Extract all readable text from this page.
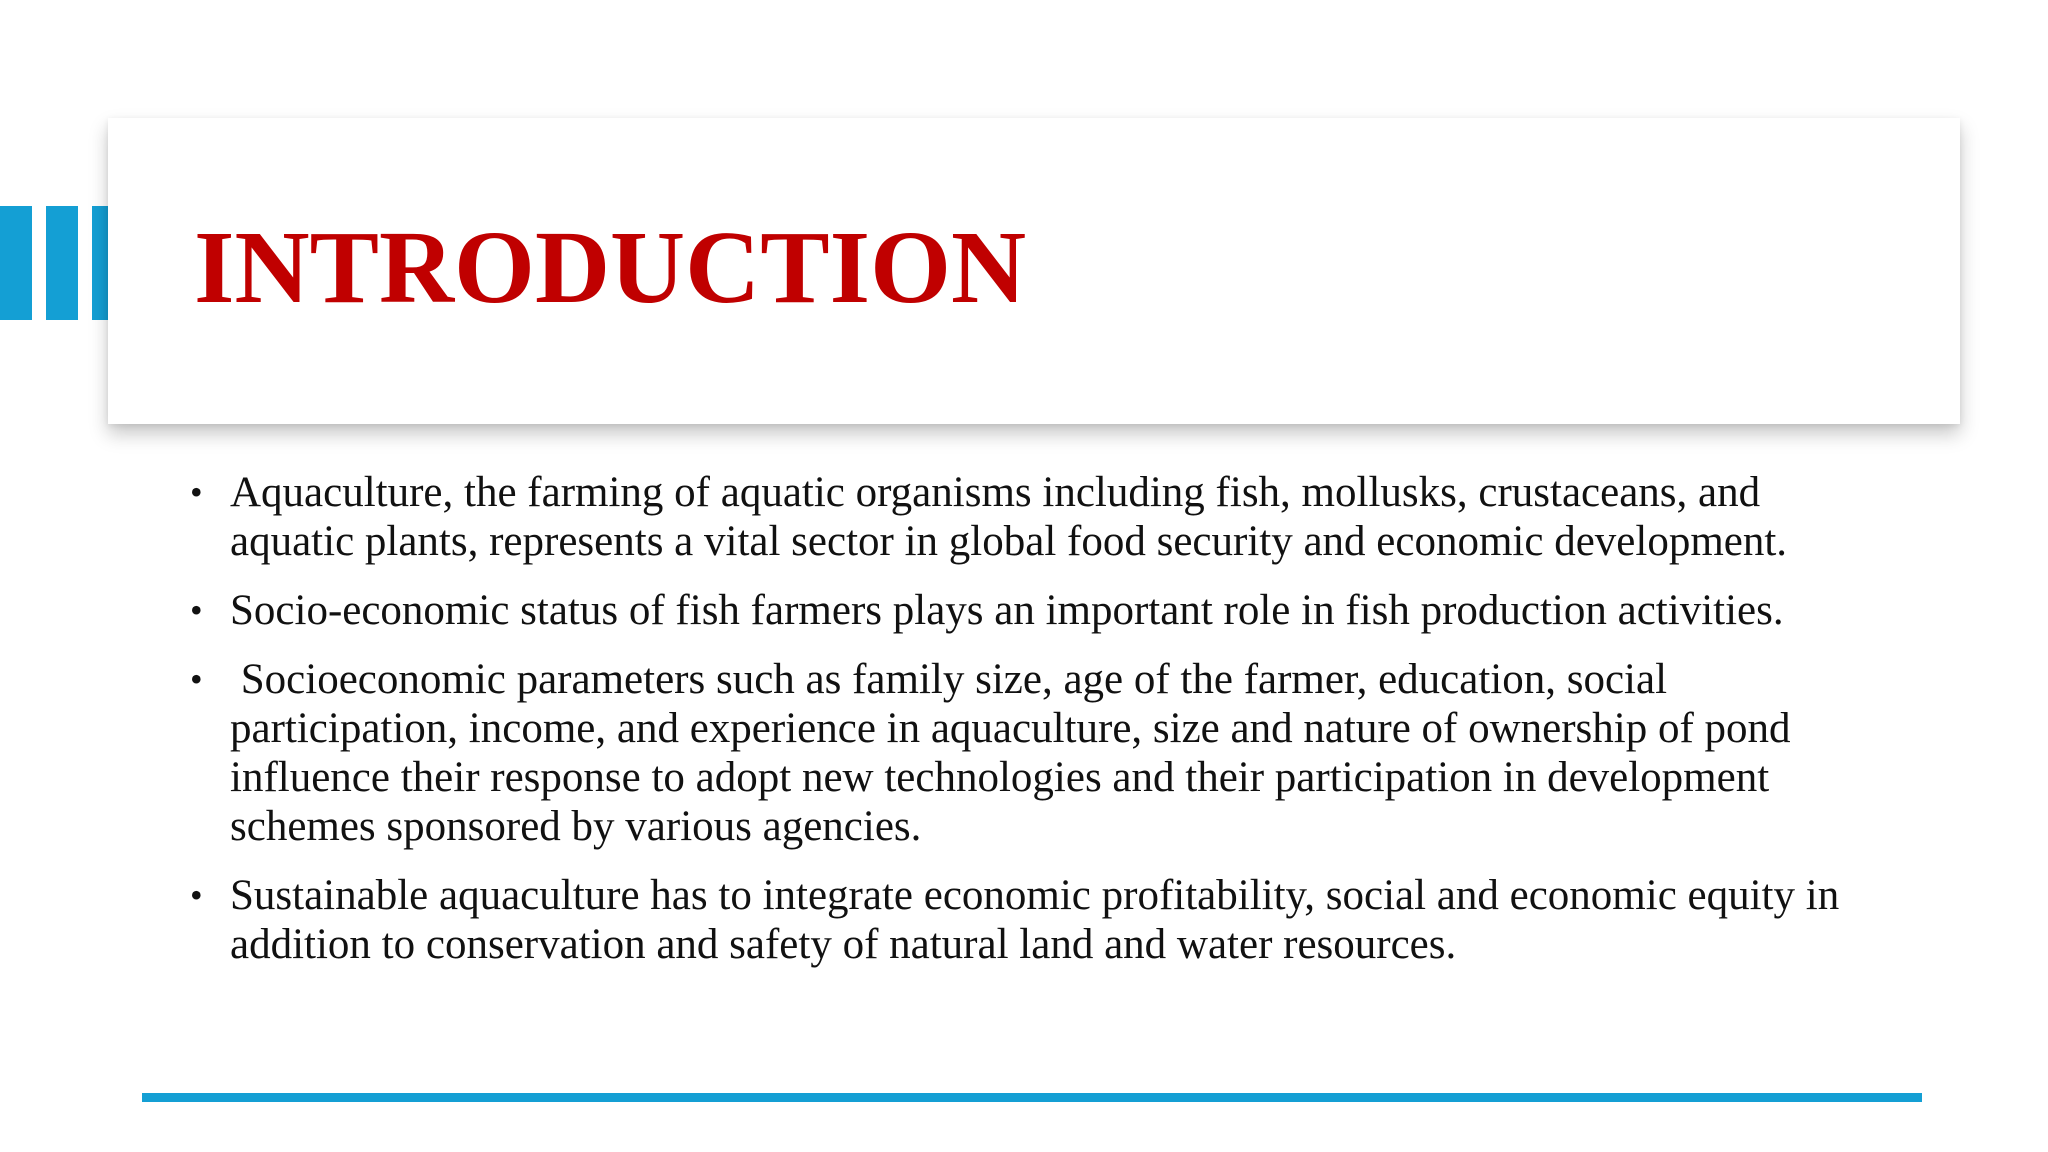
INTRODUCTION
• Aquaculture, the farming of aquatic organisms including fish, mollusks, crustaceans, and aquatic plants, represents a vital sector in global food security and economic development.
• Socio-economic status of fish farmers plays an important role in fish production activities.
• Socioeconomic parameters such as family size, age of the farmer, education, social participation, income, and experience in aquaculture, size and nature of ownership of pond influence their response to adopt new technologies and their participation in development schemes sponsored by various agencies.
• Sustainable aquaculture has to integrate economic profitability, social and economic equity in addition to conservation and safety of natural land and water resources.
